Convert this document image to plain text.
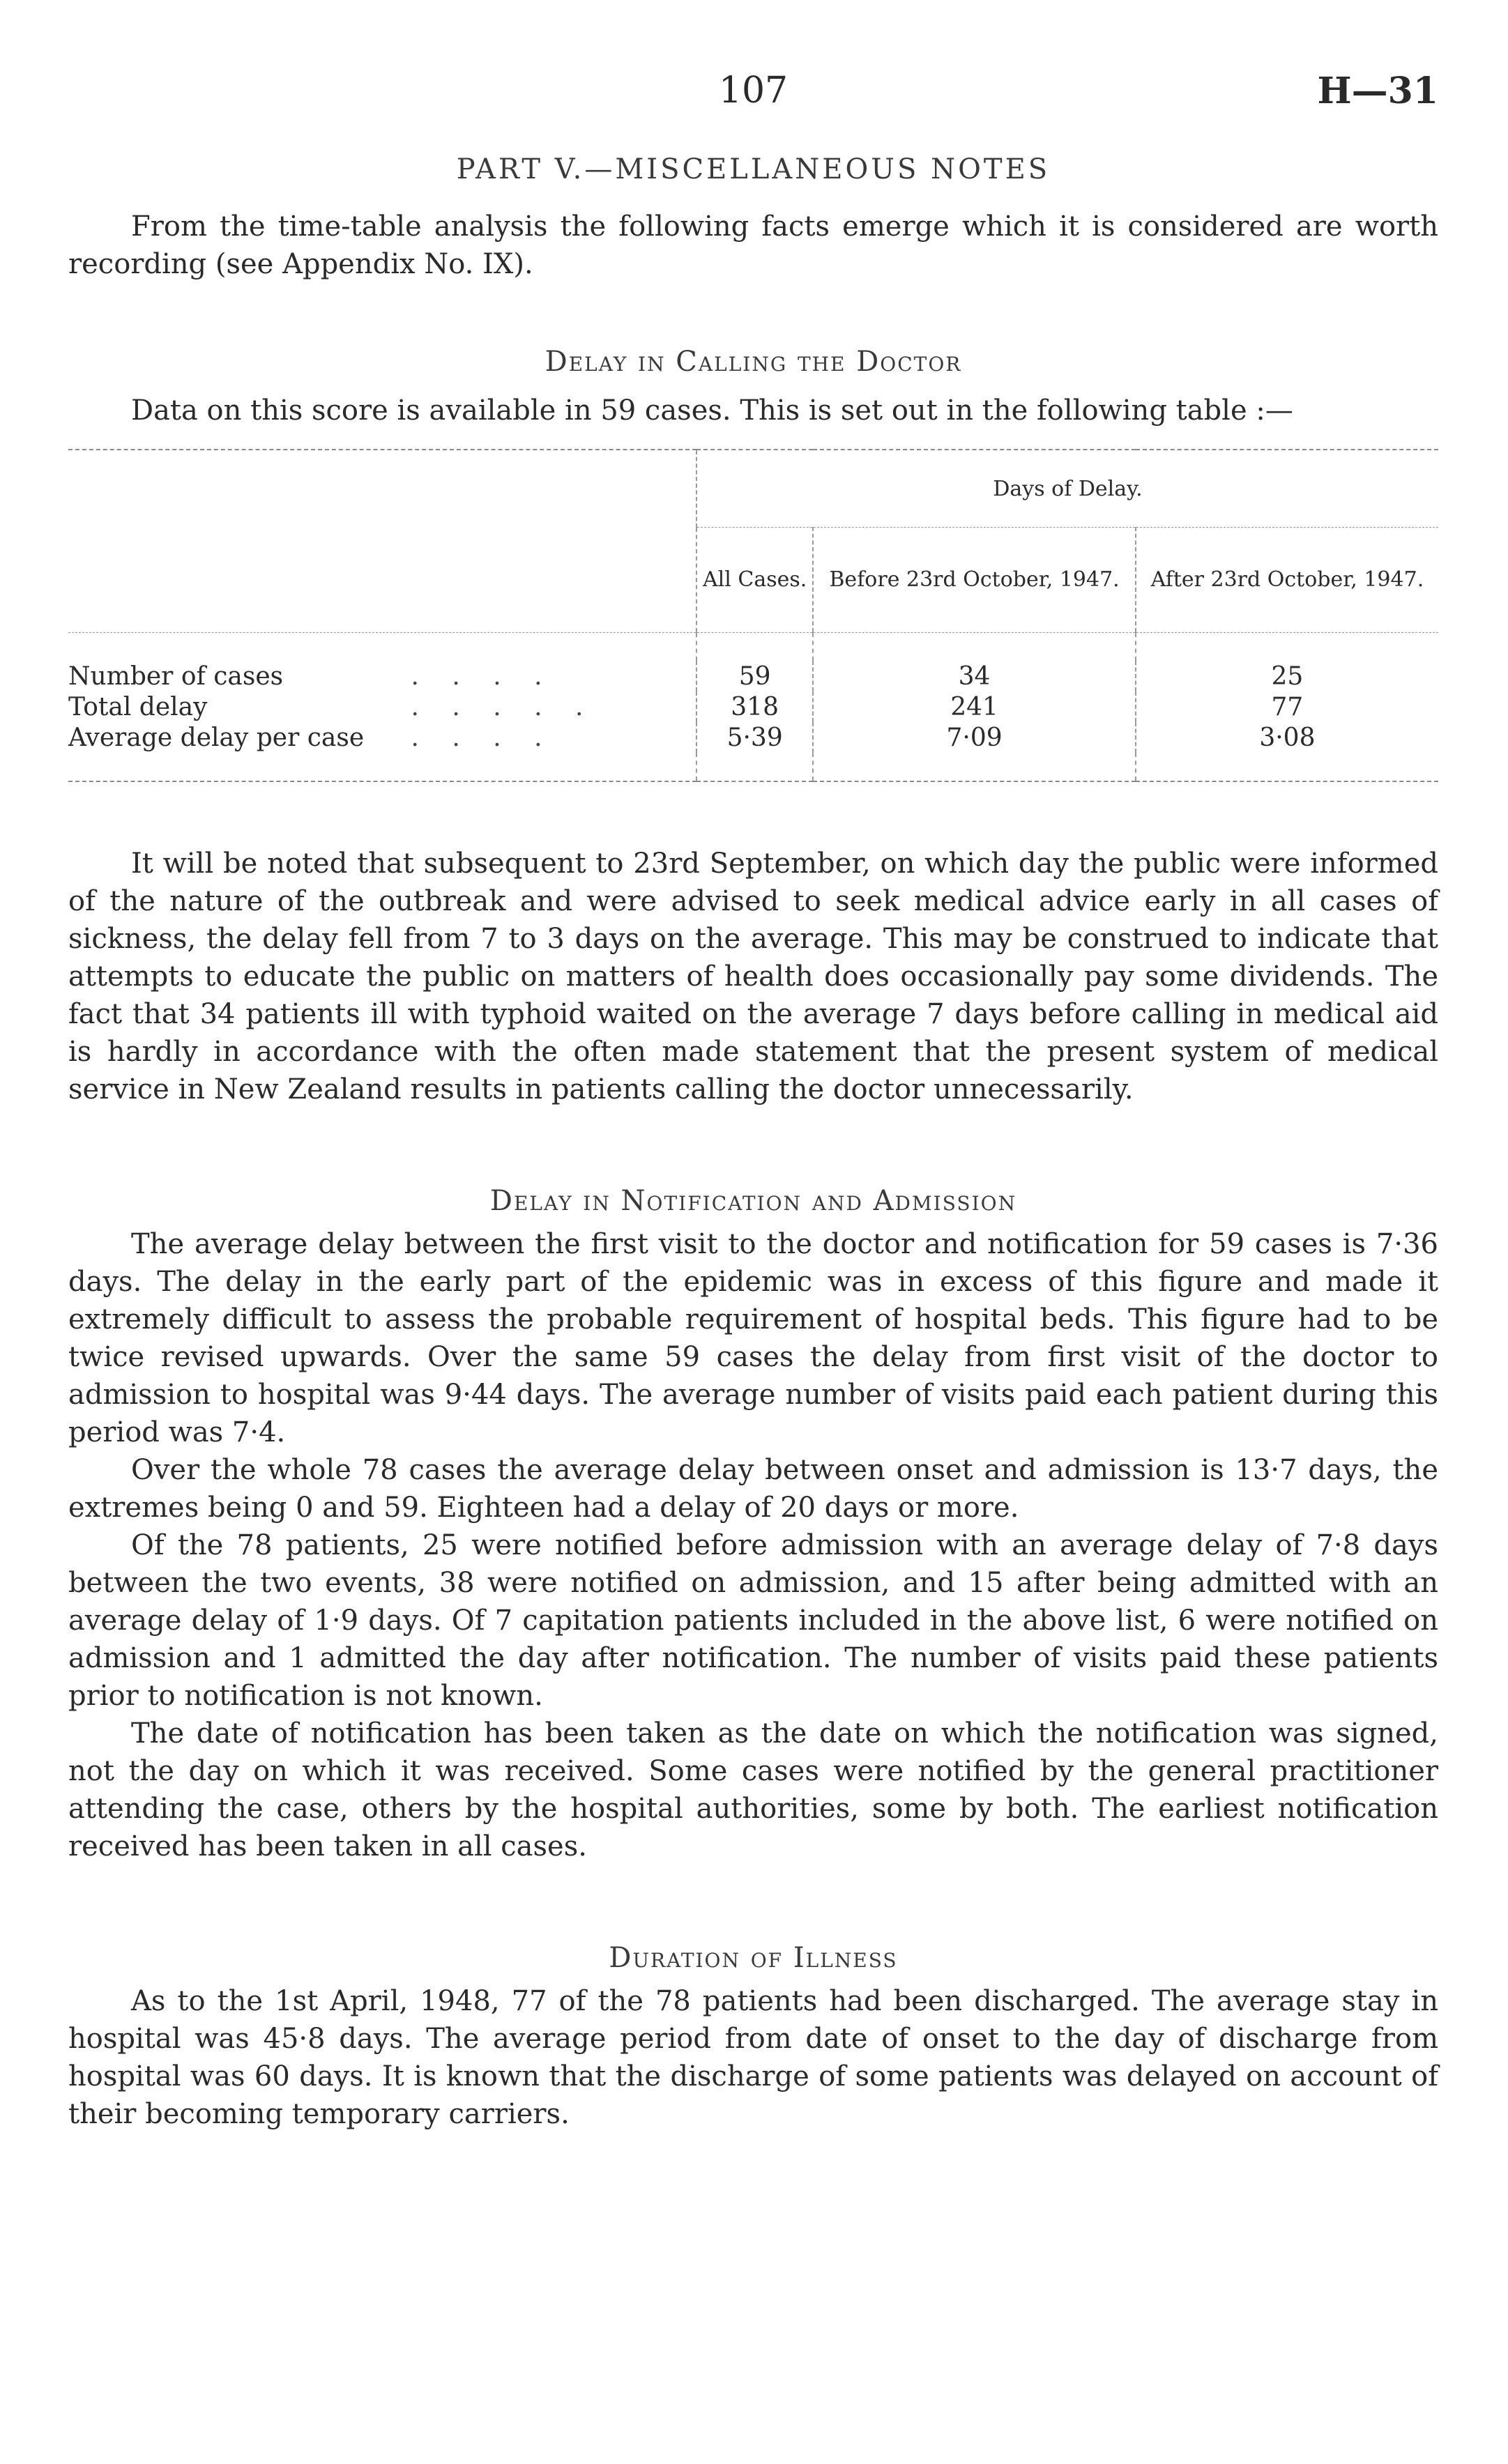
107	H—31
PART V.—MISCELLANEOUS NOTES

From the time-table analysis the following facts emerge which it is considered are worth recording (see Appendix No. IX).

Delay in Calling the Doctor

Data on this score is available in 59 cases. This is set out in the following table :—

	Days of Delay.		
	All Cases.	Before 23rd October, 1947.	After 23rd October, 1947.

Number of cases . . . .	59	34	25
Total delay . . . . .	318	241	77
Average delay per case . . . .	5·39	7·09	3·08

It will be noted that subsequent to 23rd September, on which day the public were informed of the nature of the outbreak and were advised to seek medical advice early in all cases of sickness, the delay fell from 7 to 3 days on the average. This may be construed to indicate that attempts to educate the public on matters of health does occasionally pay some dividends. The fact that 34 patients ill with typhoid waited on the average 7 days before calling in medical aid is hardly in accordance with the often made statement that the present system of medical service in New Zealand results in patients calling the doctor unnecessarily.

Delay in Notification and Admission

The average delay between the first visit to the doctor and notification for 59 cases is 7·36 days. The delay in the early part of the epidemic was in excess of this figure and made it extremely difficult to assess the probable requirement of hospital beds. This figure had to be twice revised upwards. Over the same 59 cases the delay from first visit of the doctor to admission to hospital was 9·44 days. The average number of visits paid each patient during this period was 7·4.

Over the whole 78 cases the average delay between onset and admission is 13·7 days, the extremes being 0 and 59. Eighteen had a delay of 20 days or more.

Of the 78 patients, 25 were notified before admission with an average delay of 7·8 days between the two events, 38 were notified on admission, and 15 after being admitted with an average delay of 1·9 days. Of 7 capitation patients included in the above list, 6 were notified on admission and 1 admitted the day after notification. The number of visits paid these patients prior to notification is not known.

The date of notification has been taken as the date on which the notification was signed, not the day on which it was received. Some cases were notified by the general practitioner attending the case, others by the hospital authorities, some by both. The earliest notification received has been taken in all cases.

Duration of Illness

As to the 1st April, 1948, 77 of the 78 patients had been discharged. The average stay in hospital was 45·8 days. The average period from date of onset to the day of discharge from hospital was 60 days. It is known that the discharge of some patients was delayed on account of their becoming temporary carriers.
